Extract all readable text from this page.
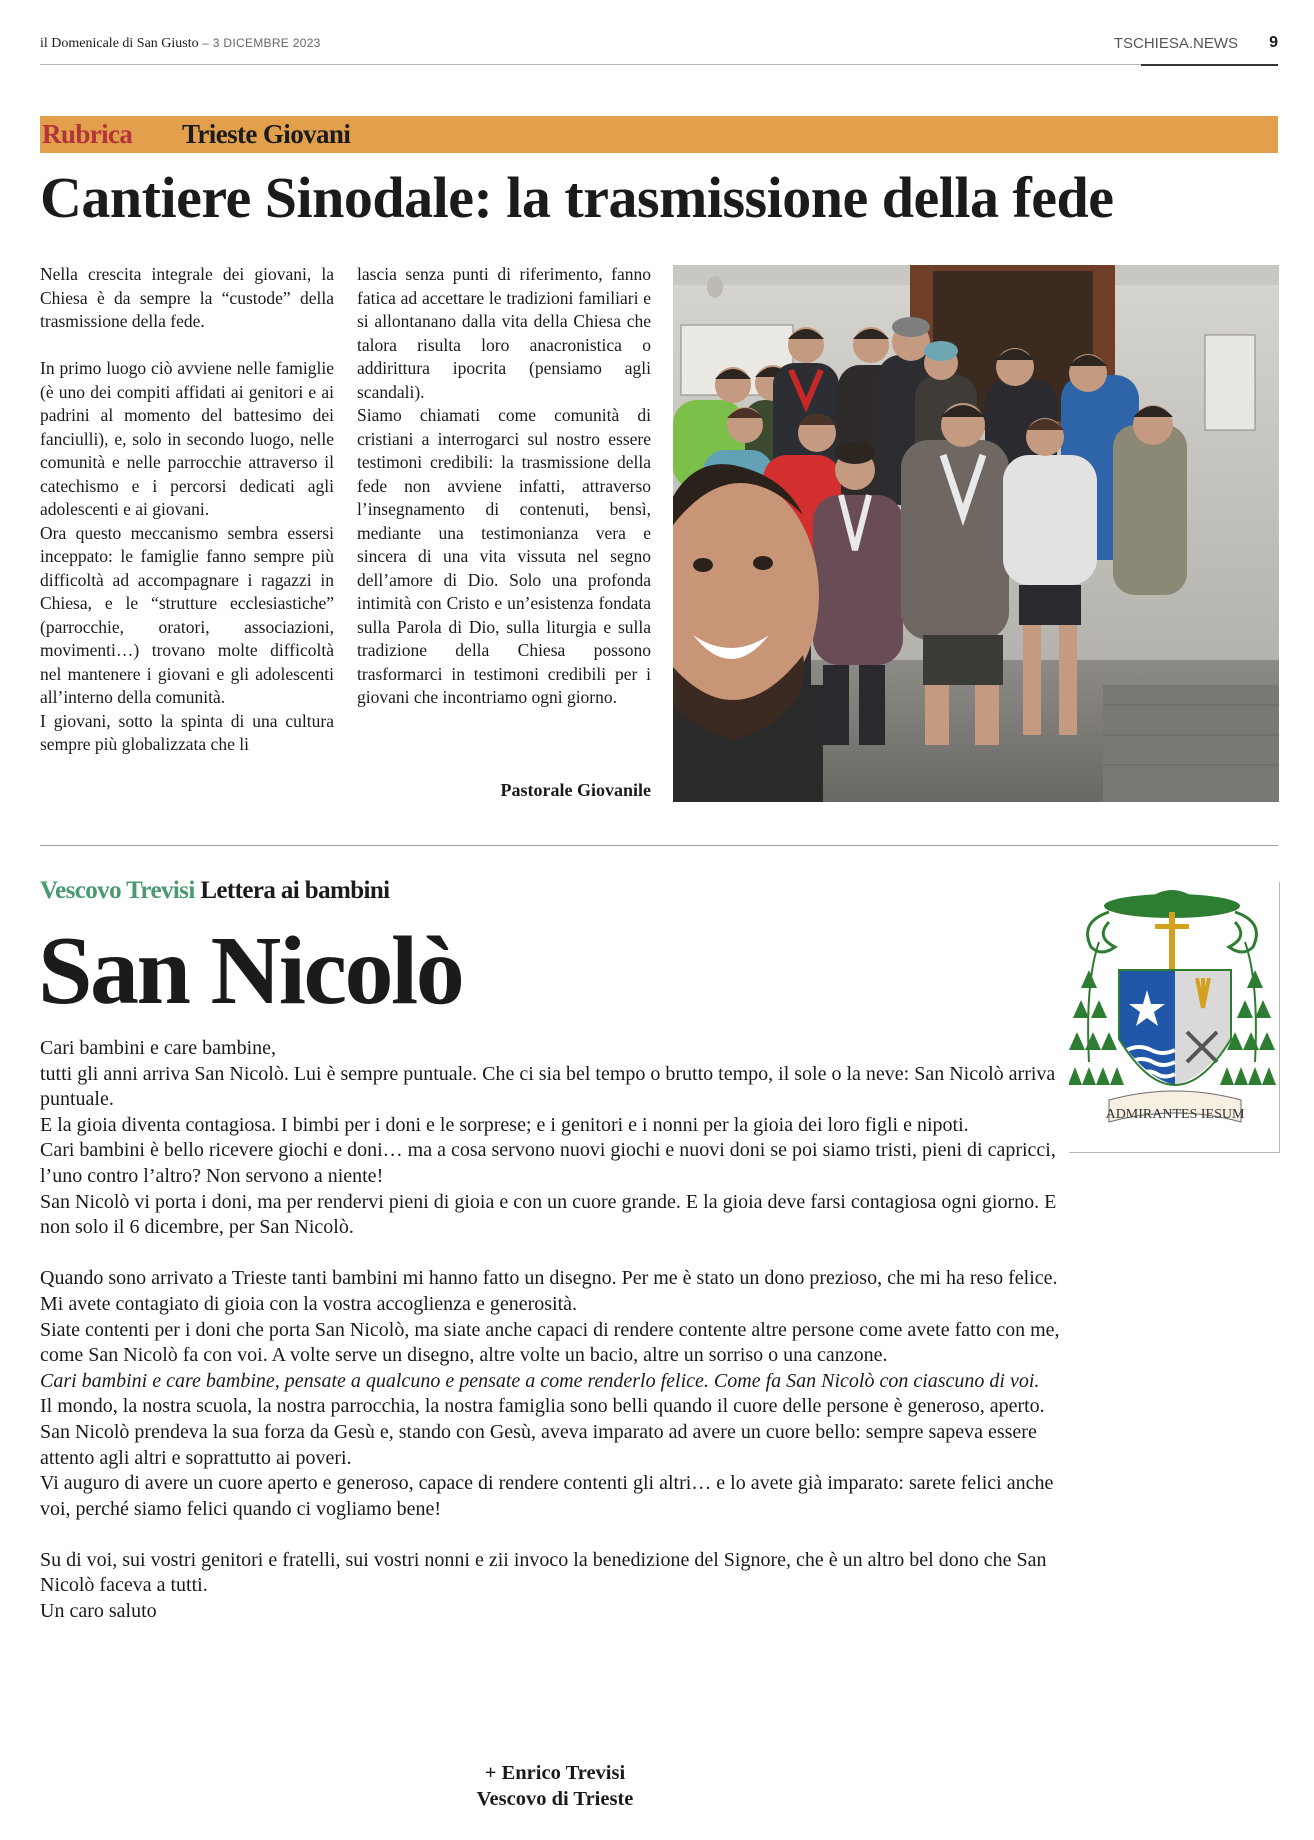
il Domenicale di San Giusto – 3 DICEMBRE 2023	TSCHIESA.NEWS 9
Rubrica Trieste Giovani
Cantiere Sinodale: la trasmissione della fede

Nella crescita integrale dei giovani, la Chiesa è da sempre la “custode” della trasmissione della fede.

In primo luogo ciò avviene nelle famiglie (è uno dei compiti affidati ai genitori e ai padrini al momento del battesimo dei fanciulli), e, solo in secondo luogo, nelle comunità e nelle parrocchie attraverso il catechismo e i percorsi dedicati agli adolescenti e ai giovani.

Ora questo meccanismo sembra essersi inceppato: le famiglie fanno sempre più difficoltà ad accompagnare i ragazzi in Chiesa, e le “strutture ecclesiastiche” (parrocchie, oratori, associazioni, movimenti…) trovano molte difficoltà nel mantenere i giovani e gli adolescenti all’interno della comunità.

I giovani, sotto la spinta di una cultura sempre più globalizzata che li

lascia senza punti di riferimento, fanno fatica ad accettare le tradizioni familiari e si allontanano dalla vita della Chiesa che talora risulta loro anacronistica o addirittura ipocrita (pensiamo agli scandali).

Siamo chiamati come comunità di cristiani a interrogarci sul nostro essere testimoni credibili: la trasmissione della fede non avviene infatti, attraverso l’insegnamento di contenuti, bensì, mediante una testimonianza vera e sincera di una vita vissuta nel segno dell’amore di Dio. Solo una profonda intimità con Cristo e un’esistenza fondata sulla Parola di Dio, sulla liturgia e sulla tradizione della Chiesa possono trasformarci in testimoni credibili per i giovani che incontriamo ogni giorno.

Pastorale Giovanile
Vescovo Trevisi Lettera ai bambini
San Nicolò
ADMIRANTES IESUM

Cari bambini e care bambine,

tutti gli anni arriva San Nicolò. Lui è sempre puntuale. Che ci sia bel tempo o brutto tempo, il sole o la neve: San Nicolò arriva puntuale.

E la gioia diventa contagiosa. I bimbi per i doni e le sorprese; e i genitori e i nonni per la gioia dei loro figli e nipoti.

Cari bambini è bello ricevere giochi e doni… ma a cosa servono nuovi giochi e nuovi doni se poi siamo tristi, pieni di capricci, l’uno contro l’altro? Non servono a niente!

San Nicolò vi porta i doni, ma per rendervi pieni di gioia e con un cuore grande. E la gioia deve farsi contagiosa ogni giorno. E non solo il 6 dicembre, per San Nicolò.

Quando sono arrivato a Trieste tanti bambini mi hanno fatto un disegno. Per me è stato un dono prezioso, che mi ha reso felice. Mi avete contagiato di gioia con la vostra accoglienza e generosità.

Siate contenti per i doni che porta San Nicolò, ma siate anche capaci di rendere contente altre persone come avete fatto con me, come San Nicolò fa con voi. A volte serve un disegno, altre volte un bacio, altre un sorriso o una canzone.

Cari bambini e care bambine, pensate a qualcuno e pensate a come renderlo felice. Come fa San Nicolò con ciascuno di voi.

Il mondo, la nostra scuola, la nostra parrocchia, la nostra famiglia sono belli quando il cuore delle persone è generoso, aperto.

San Nicolò prendeva la sua forza da Gesù e, stando con Gesù, aveva imparato ad avere un cuore bello: sempre sapeva essere attento agli altri e soprattutto ai poveri.

Vi auguro di avere un cuore aperto e generoso, capace di rendere contenti gli altri… e lo avete già imparato: sarete felici anche voi, perché siamo felici quando ci vogliamo bene!

Su di voi, sui vostri genitori e fratelli, sui vostri nonni e zii invoco la benedizione del Signore, che è un altro bel dono che San Nicolò faceva a tutti.

Un caro saluto

+ Enrico Trevisi
Vescovo di Trieste
